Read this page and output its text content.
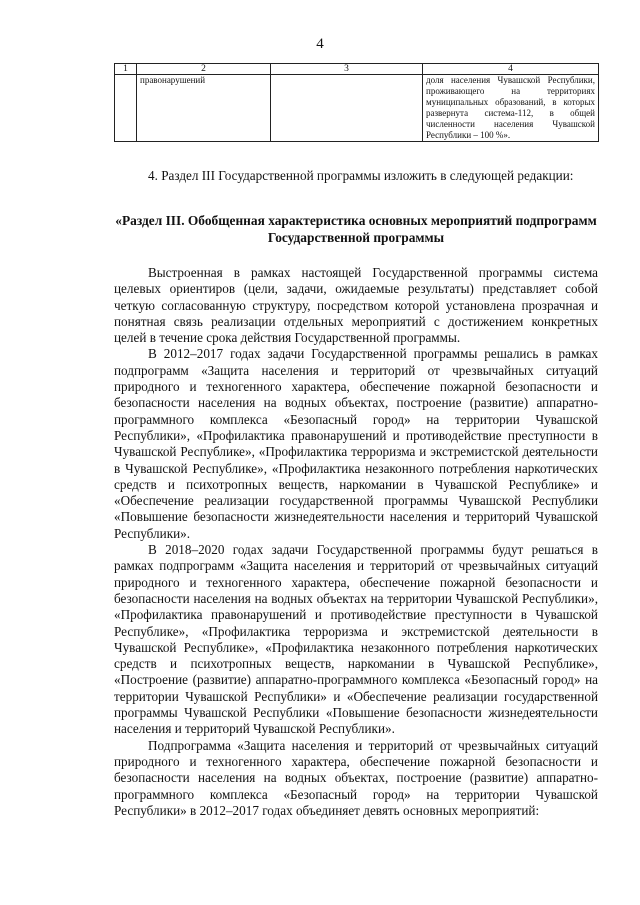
4
1	2	3	4
	правонарушений		доля населения Чувашской Республики, проживающего на территориях муниципальных образований, в которых развернута система-112, в общей численности населения Чувашской Республики – 100 %».

4. Раздел III Государственной программы изложить в следующей редакции:

«Раздел III. Обобщенная характеристика основных мероприятий подпрограмм Государственной программы

Выстроенная в рамках настоящей Государственной программы система целевых ориентиров (цели, задачи, ожидаемые результаты) представляет собой четкую согласованную структуру, посредством которой установлена прозрачная и понятная связь реализации отдельных мероприятий с достижением конкретных целей в течение срока действия Государственной программы.

В 2012–2017 годах задачи Государственной программы решались в рамках подпрограмм «Защита населения и территорий от чрезвычайных ситуаций природного и техногенного характера, обеспечение пожарной безопасности и безопасности населения на водных объектах, построение (развитие) аппаратно-программного комплекса «Безопасный город» на территории Чувашской Республики», «Профилактика правонарушений и противодействие преступности в Чувашской Республике», «Профилактика терроризма и экстремистской деятельности в Чувашской Республике», «Профилактика незаконного потребления наркотических средств и психотропных веществ, наркомании в Чувашской Республике» и «Обеспечение реализации государственной программы Чувашской Республики «Повышение безопасности жизнедеятельности населения и территорий Чувашской Республики».

В 2018–2020 годах задачи Государственной программы будут решаться в рамках подпрограмм «Защита населения и территорий от чрезвычайных ситуаций природного и техногенного характера, обеспечение пожарной безопасности и безопасности населения на водных объектах на территории Чувашской Республики», «Профилактика правонарушений и противодействие преступности в Чувашской Республике», «Профилактика терроризма и экстремистской деятельности в Чувашской Республике», «Профилактика незаконного потребления наркотических средств и психотропных веществ, наркомании в Чувашской Республике», «Построение (развитие) аппаратно-программного комплекса «Безопасный город» на территории Чувашской Республики» и «Обеспечение реализации государственной программы Чувашской Республики «Повышение безопасности жизнедеятельности населения и территорий Чувашской Республики».

Подпрограмма «Защита населения и территорий от чрезвычайных ситуаций природного и техногенного характера, обеспечение пожарной безопасности и безопасности населения на водных объектах, построение (развитие) аппаратно-программного комплекса «Безопасный город» на территории Чувашской Республики» в 2012–2017 годах объединяет девять основных мероприятий:
